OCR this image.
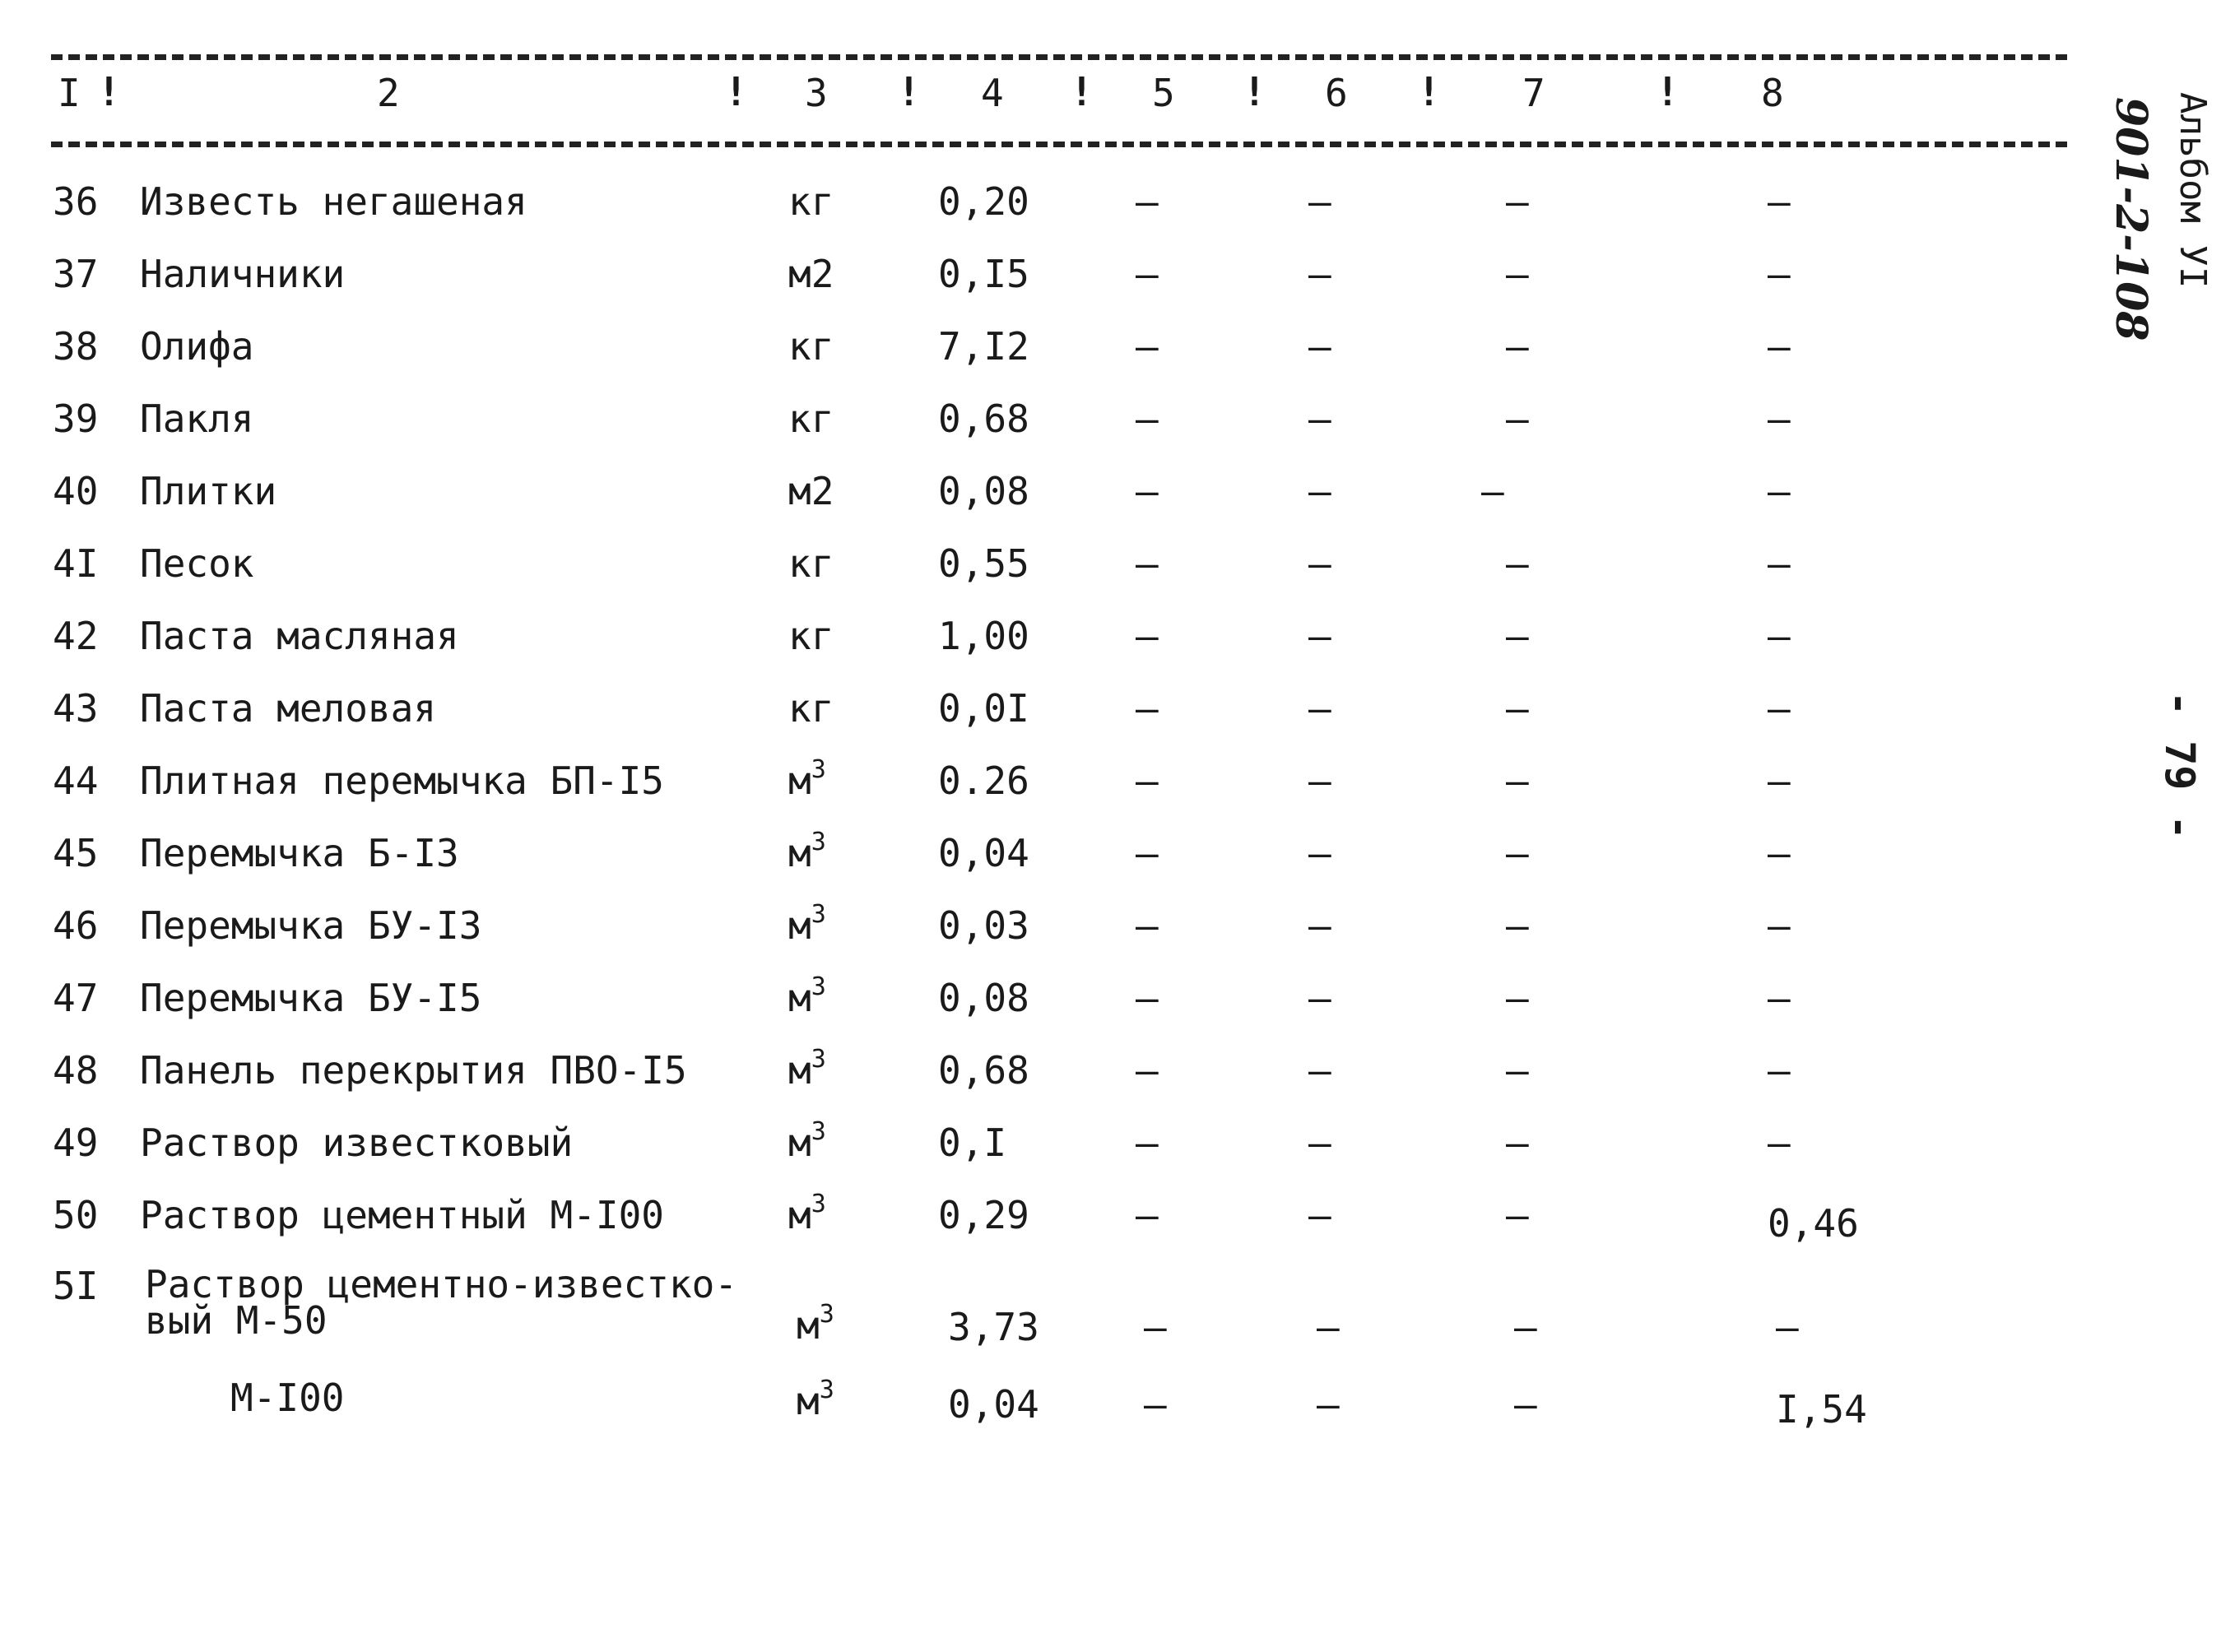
I !	2	! 3 ! 4 ! 5 ! 6 ! 7	! 8
36 Известь негашеная	кг	0,20	–	–	–	–
37 Наличники	м2	0,I5	–	–	–	–
38 Олифа	кг	7,I2	–	–	–	–
39 Пакля	кг	0,68	–	–	–	–
40 Плитки	м2	0,08	–	–	–	–
4I Песок	кг	0,55	–	–	–	–
42 Паста масляная	кг	1,00	–	–	–	–
43 Паста меловая	кг	0,0I	–	–	–	–
44 Плитная перемычка БП-I5	$м^3$	0.26	–	–	–	–
45 Перемычка Б-I3	$м^3$	0,04	–	–	–	–
46 Перемычка БУ-I3	$м^3$	0,03	–	–	–	–
47 Перемычка БУ-I5	$м^3$	0,08	–	–	–	–
48 Панель перекрытия ПВО-I5	$м^3$	0,68	–	–	–	–
49 Раствор известковый	$м^3$	0,I	–	–	–	–
50 Раствор цементный М-I00	$м^3$	0,29	–	–	–	0,46
5I Раствор цементно-известко-
вый М-50	$м^3$	3,73	–	–	–	–
М-I00	$м^3$	0,04	–	–	–	I,54
Альбом УI
901-2-108
- 79 -
